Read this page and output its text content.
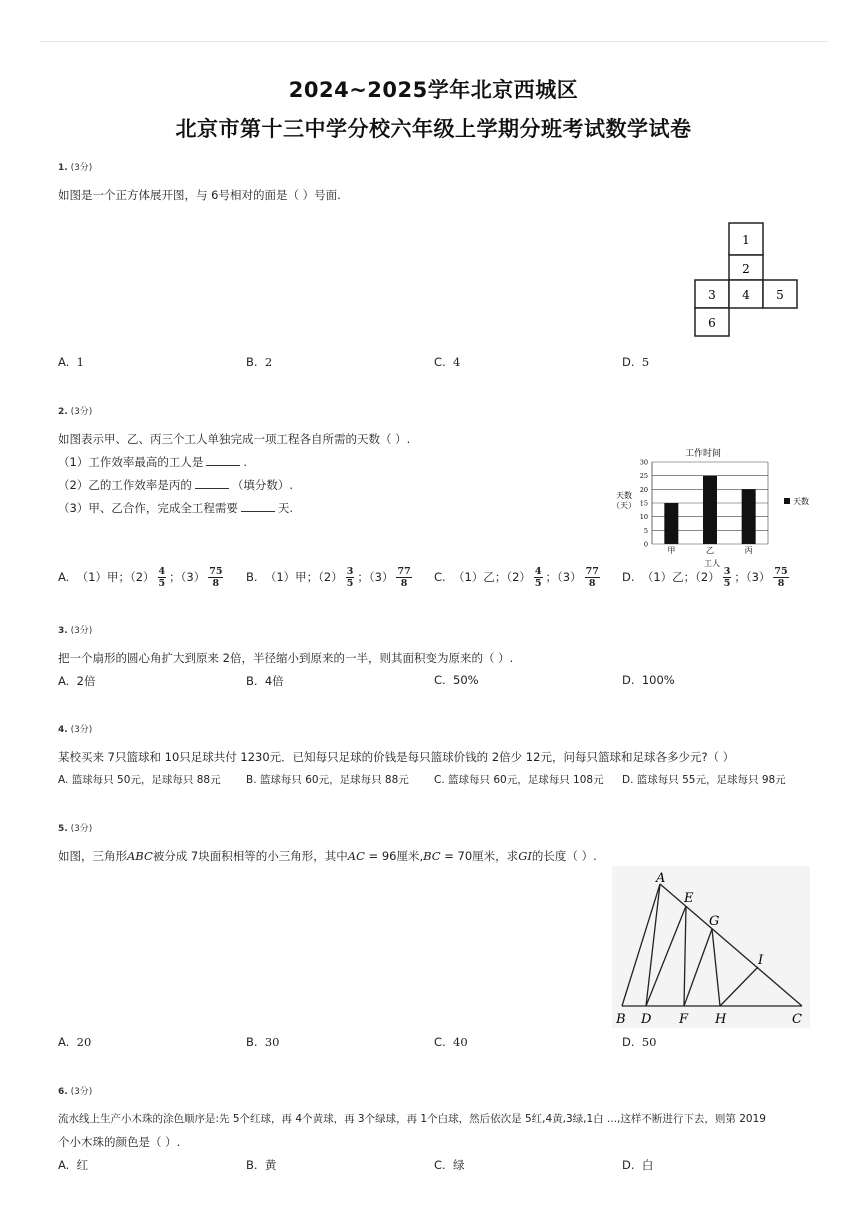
2024~2025学年北京西城区
北京市第十三中学分校六年级上学期分班考试数学试卷
1. (3分)
如图是一个正方体展开图，与 6号相对的面是（ ）号面.
1
2
3 4 5
6
A. 1	B. 2	C. 4	D. 5
2. (3分)
如图表示甲、乙、丙三个工人单独完成一项工程各自所需的天数（ ）.
（1）工作效率最高的工人是	.
（2）乙的工作效率是丙的	（填分数）.
（3）甲、乙合作，完成全工程需要	天.
工作时间
天数
（天）
0
5
10
15
20
25
30
甲	乙	丙
工人
天数
A. （1）甲；$(2) \frac{4}{5}$ ；$(3) \frac{75}{8} B$. （1）甲；$(2) \frac{3}{5}$ ；$(3) \frac{77}{8} C$. （1）乙；$(2) \frac{4}{5}$ ；$(3) \frac{77}{8} D$. （1）乙；$(2) \frac{3}{5}$ ；$(3) \frac{75}{8}$
3. (3分)
把一个扇形的圆心角扩大到原来 2倍，半径缩小到原来的一半，则其面积变为原来的（ ）.
A. 2倍	B. 4倍	C. 50%	D. 100%
4. (3分)
某校买来 7只篮球和 10只足球共付 1230元．已知每只足球的价钱是每只篮球价钱的 2倍少 12元，问每只篮球和足球各多少元?（ ）
A. 篮球每只 50元，足球每只 88元 B. 篮球每只 60元，足球每只 88元 C. 篮球每只 60元，足球每只 108元 D. 篮球每只 55元，足球每只 98元
5. (3分)
如图，三角形ABC被分成 7块面积相等的小三角形，其中AC = 96厘米,BC = 70厘米，求GI的长度（ ）.
A
E
G
I
B D F H	C
A. 20	B. 30	C. 40	D. 50
6. (3分)
流水线上生产小木珠的涂色顺序是:先 5个红球，再 4个黄球，再 3个绿球，再 1个白球，然后依次是 5红,4黄,3绿,1白 ...,这样不断进行下去，则第 2019
个小木珠的颜色是（ ）.
A. 红	B. 黄	C. 绿	D. 白
